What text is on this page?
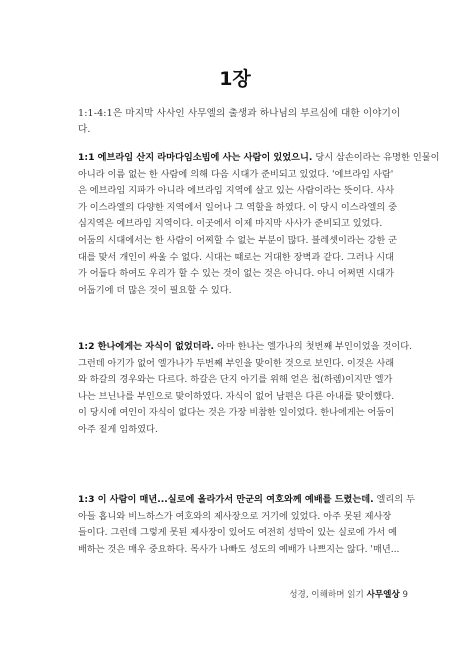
1장
1:1-4:1은 마지막 사사인 사무엘의 출생과 하나님의 부르심에 대한 이야기이다.
1:1 에브라임 산지 라마다임소빔에 사는 사람이 있었으니. 당시 삼손이라는 유명한 인물이
아니라 이름 없는 한 사람에 의해 다음 시대가 준비되고 있었다. '에브라임 사람'
은 에브라임 지파가 아니라 에브라임 지역에 살고 있는 사람이라는 뜻이다. 사사
가 이스라엘의 다양한 지역에서 일어나 그 역할을 하였다. 이 당시 이스라엘의 중
심지역은 에브라임 지역이다. 이곳에서 이제 마지막 사사가 준비되고 있었다.
어둠의 시대에서는 한 사람이 어찌할 수 없는 부분이 많다. 블레셋이라는 강한 군
대를 맞서 개인이 싸울 수 없다. 시대는 때로는 거대한 장벽과 같다. 그러나 시대
가 어둡다 하여도 우리가 할 수 있는 것이 없는 것은 아니다. 아니 어쩌면 시대가
어둡기에 더 많은 것이 필요할 수 있다.
1:2 한나에게는 자식이 없었더라. 아마 한나는 엘가나의 첫번째 부인이었을 것이다.
그런데 아기가 없어 엘가나가 두번째 부인을 맞이한 것으로 보인다. 이것은 사래
와 하갈의 경우와는 다르다. 하갈은 단지 아기를 위해 얻은 첩(하렘)이지만 엘가
나는 브닌나를 부인으로 맞이하였다. 자식이 없어 남편은 다른 아내를 맞이했다.
이 당시에 여인이 자식이 없다는 것은 가장 비참한 일이었다. 한나에게는 어둠이
아주 짙게 임하였다.
1:3 이 사람이 매년...실로에 올라가서 만군의 여호와께 예배를 드렸는데. 엘리의 두
아들 홉니와 비느하스가 여호와의 제사장으로 거기에 있었다. 아주 못된 제사장
들이다. 그런데 그렇게 못된 제사장이 있어도 여전히 성막이 있는 실로에 가서 예
배하는 것은 매우 중요하다. 목사가 나빠도 성도의 예배가 나쁘지는 않다. '매년...
성경, 이해하며 읽기 사무엘상 9
